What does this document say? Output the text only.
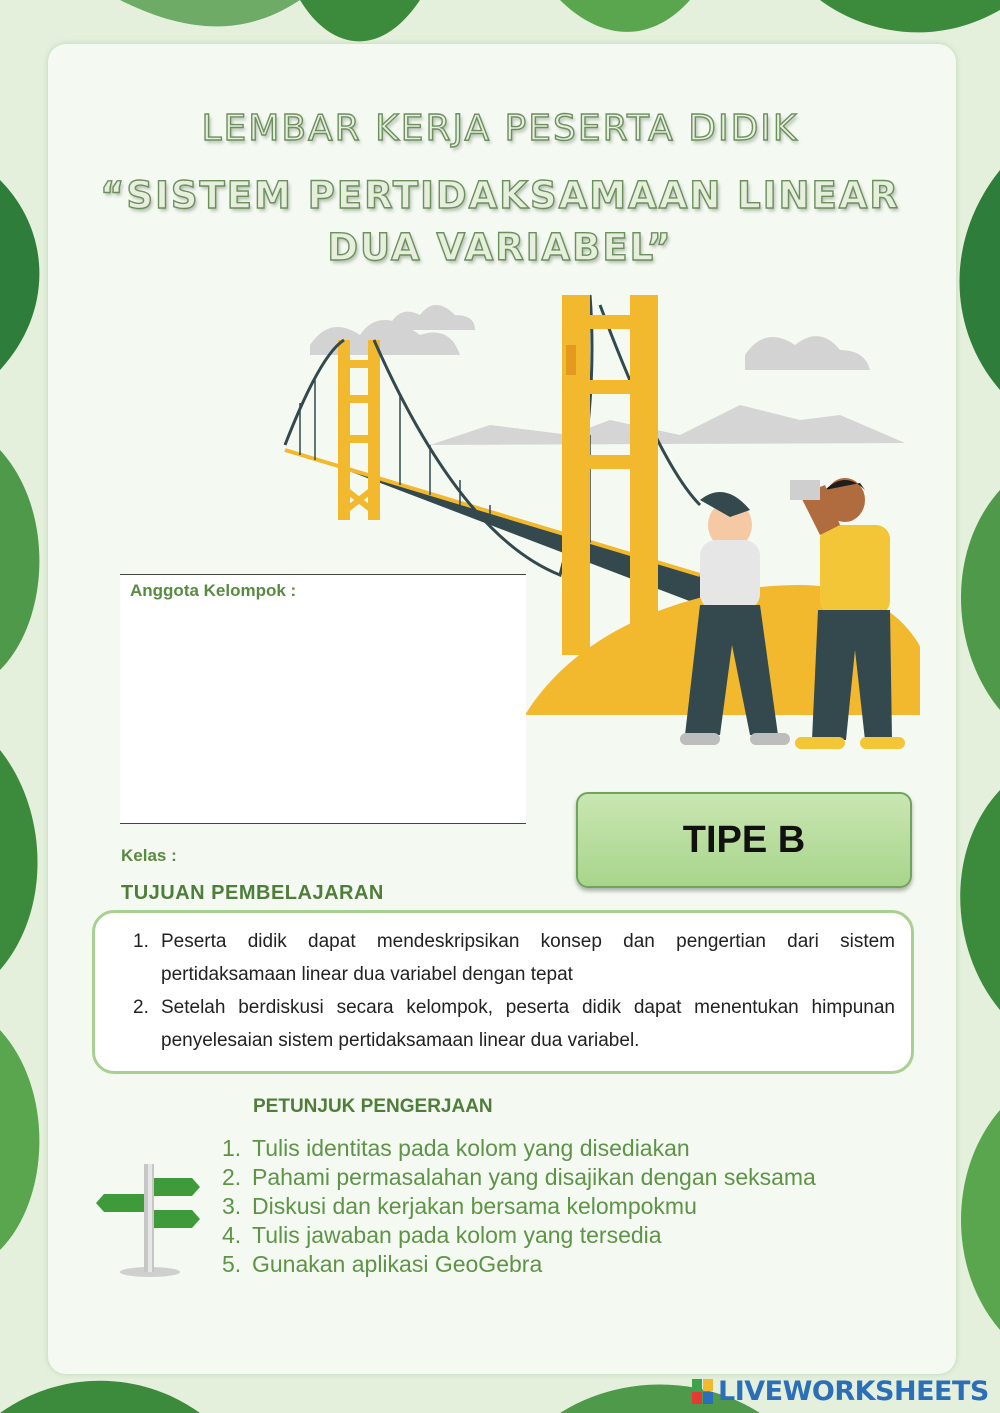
LEMBAR KERJA PESERTA DIDIK
“SISTEM PERTIDAKSAMAAN LINEAR
DUA VARIABEL”
Anggota Kelompok :
Kelas :	TIPE B
TUJUAN PEMBELAJARAN
1. Peserta didik dapat mendeskripsikan konsep dan pengertian dari sistem pertidaksamaan linear dua variabel dengan tepat
2. Setelah berdiskusi secara kelompok, peserta didik dapat menentukan himpunan penyelesaian sistem pertidaksamaan linear dua variabel.
PETUNJUK PENGERJAAN
1. Tulis identitas pada kolom yang disediakan
2. Pahami permasalahan yang disajikan dengan seksama
3. Diskusi dan kerjakan bersama kelompokmu
4. Tulis jawaban pada kolom yang tersedia
5. Gunakan aplikasi GeoGebra
LIVEWORKSHEETS
